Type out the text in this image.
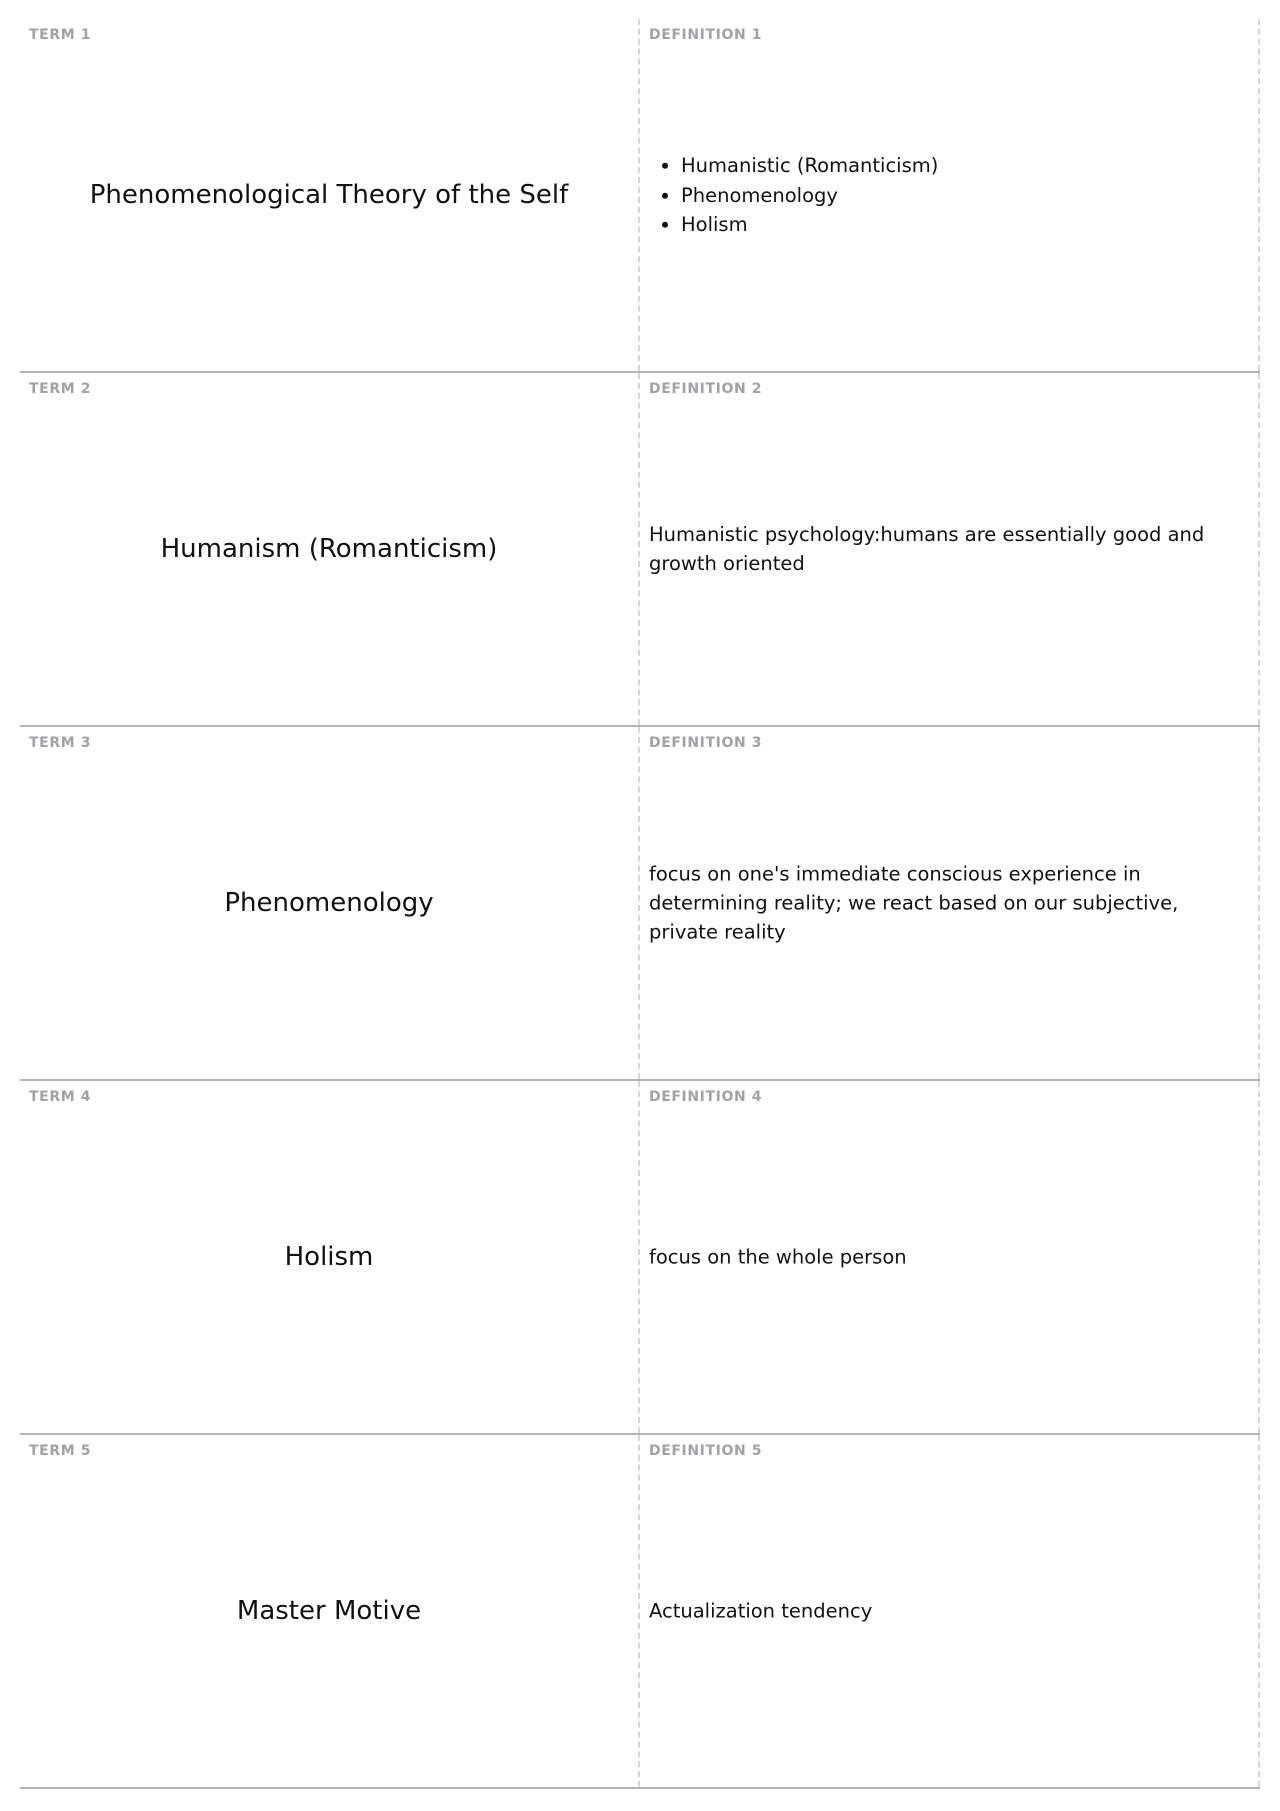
TERM 1
Phenomenological Theory of the Self
DEFINITION 1
• Humanistic (Romanticism)
• Phenomenology
• Holism
TERM 2
Humanism (Romanticism)
DEFINITION 2
Humanistic psychology:humans are essentially good and growth oriented
TERM 3
Phenomenology
DEFINITION 3
focus on one's immediate conscious experience in determining reality; we react based on our subjective, private reality
TERM 4
Holism
DEFINITION 4
focus on the whole person
TERM 5
Master Motive
DEFINITION 5
Actualization tendency
